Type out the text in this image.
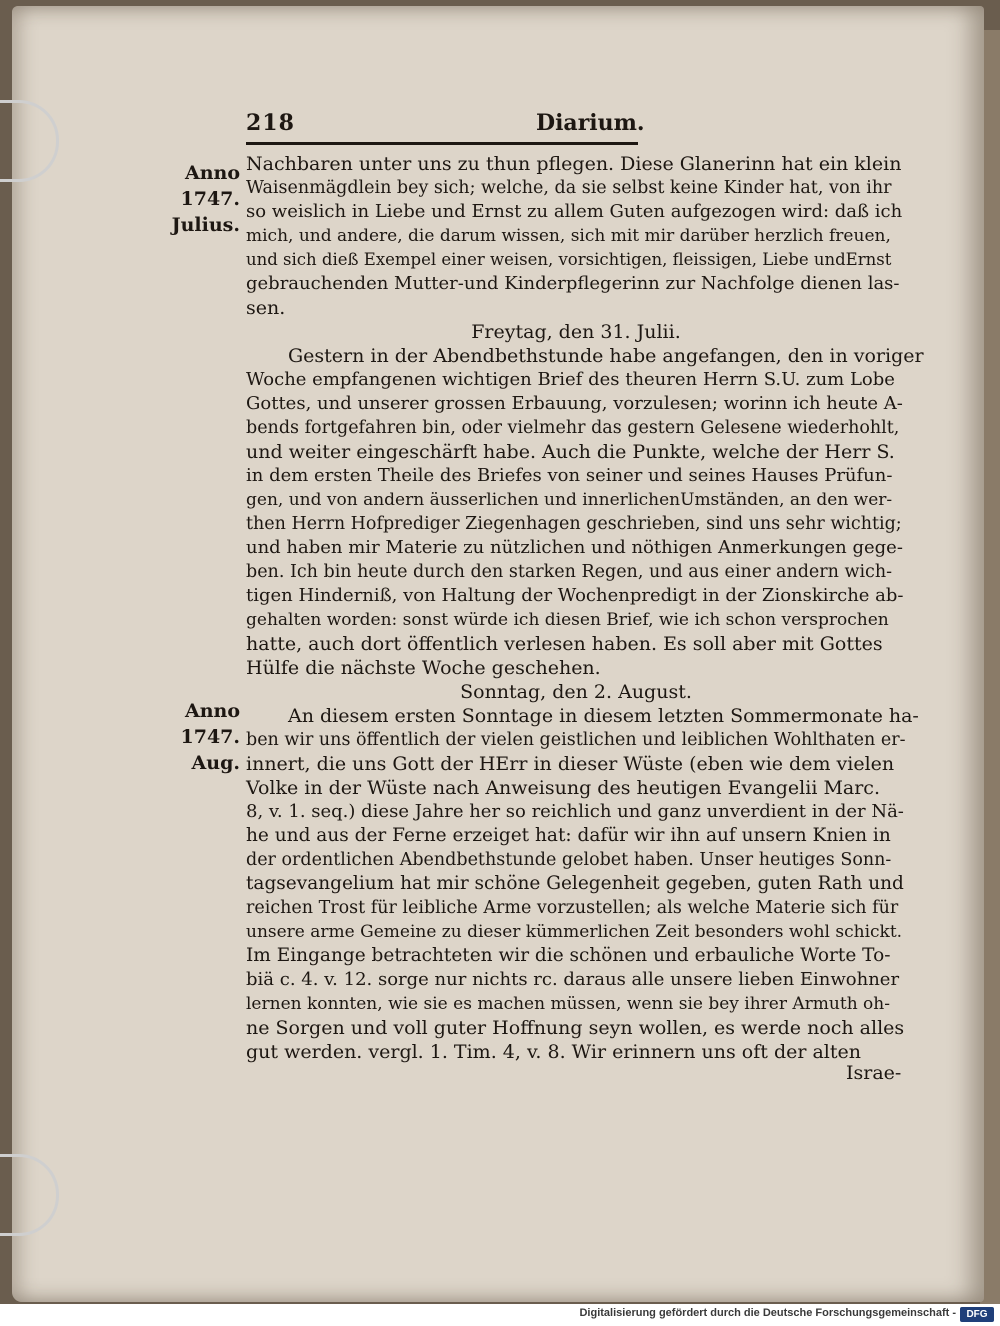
218	Diarium.
Anno
1747.
Julius.
Anno
1747.
Aug.
Nachbaren unter uns zu thun pflegen. Diese Glanerinn hat ein klein
Waisenmägdlein bey sich; welche, da sie selbst keine Kinder hat, von ihr
so weislich in Liebe und Ernst zu allem Guten aufgezogen wird: daß ich
mich, und andere, die darum wissen, sich mit mir darüber herzlich freuen,
und sich dieß Exempel einer weisen, vorsichtigen, fleissigen, Liebe undErnst
gebrauchenden Mutter-und Kinderpflegerinn zur Nachfolge dienen las-
sen.
Freytag, den 31. Julii.
Gestern in der Abendbethstunde habe angefangen, den in voriger
Woche empfangenen wichtigen Brief des theuren Herrn S.U. zum Lobe
Gottes, und unserer grossen Erbauung, vorzulesen; worinn ich heute A-
bends fortgefahren bin, oder vielmehr das gestern Gelesene wiederhohlt,
und weiter eingeschärft habe. Auch die Punkte, welche der Herr S.
in dem ersten Theile des Briefes von seiner und seines Hauses Prüfun-
gen, und von andern äusserlichen und innerlichenUmständen, an den wer-
then Herrn Hofprediger Ziegenhagen geschrieben, sind uns sehr wichtig;
und haben mir Materie zu nützlichen und nöthigen Anmerkungen gege-
ben. Ich bin heute durch den starken Regen, und aus einer andern wich-
tigen Hinderniß, von Haltung der Wochenpredigt in der Zionskirche ab-
gehalten worden: sonst würde ich diesen Brief, wie ich schon versprochen
hatte, auch dort öffentlich verlesen haben. Es soll aber mit Gottes
Hülfe die nächste Woche geschehen.
Sonntag, den 2. August.
An diesem ersten Sonntage in diesem letzten Sommermonate ha-
ben wir uns öffentlich der vielen geistlichen und leiblichen Wohlthaten er-
innert, die uns Gott der HErr in dieser Wüste (eben wie dem vielen
Volke in der Wüste nach Anweisung des heutigen Evangelii Marc.
8, v. 1. seq.) diese Jahre her so reichlich und ganz unverdient in der Nä-
he und aus der Ferne erzeiget hat: dafür wir ihn auf unsern Knien in
der ordentlichen Abendbethstunde gelobet haben. Unser heutiges Sonn-
tagsevangelium hat mir schöne Gelegenheit gegeben, guten Rath und
reichen Trost für leibliche Arme vorzustellen; als welche Materie sich für
unsere arme Gemeine zu dieser kümmerlichen Zeit besonders wohl schickt.
Im Eingange betrachteten wir die schönen und erbauliche Worte To-
biä c. 4. v. 12. sorge nur nichts rc. daraus alle unsere lieben Einwohner
lernen konnten, wie sie es machen müssen, wenn sie bey ihrer Armuth oh-
ne Sorgen und voll guter Hoffnung seyn wollen, es werde noch alles
gut werden. vergl. 1. Tim. 4, v. 8. Wir erinnern uns oft der alten
Israe-
Digitalisierung gefördert durch die Deutsche Forschungsgemeinschaft -	DFG
